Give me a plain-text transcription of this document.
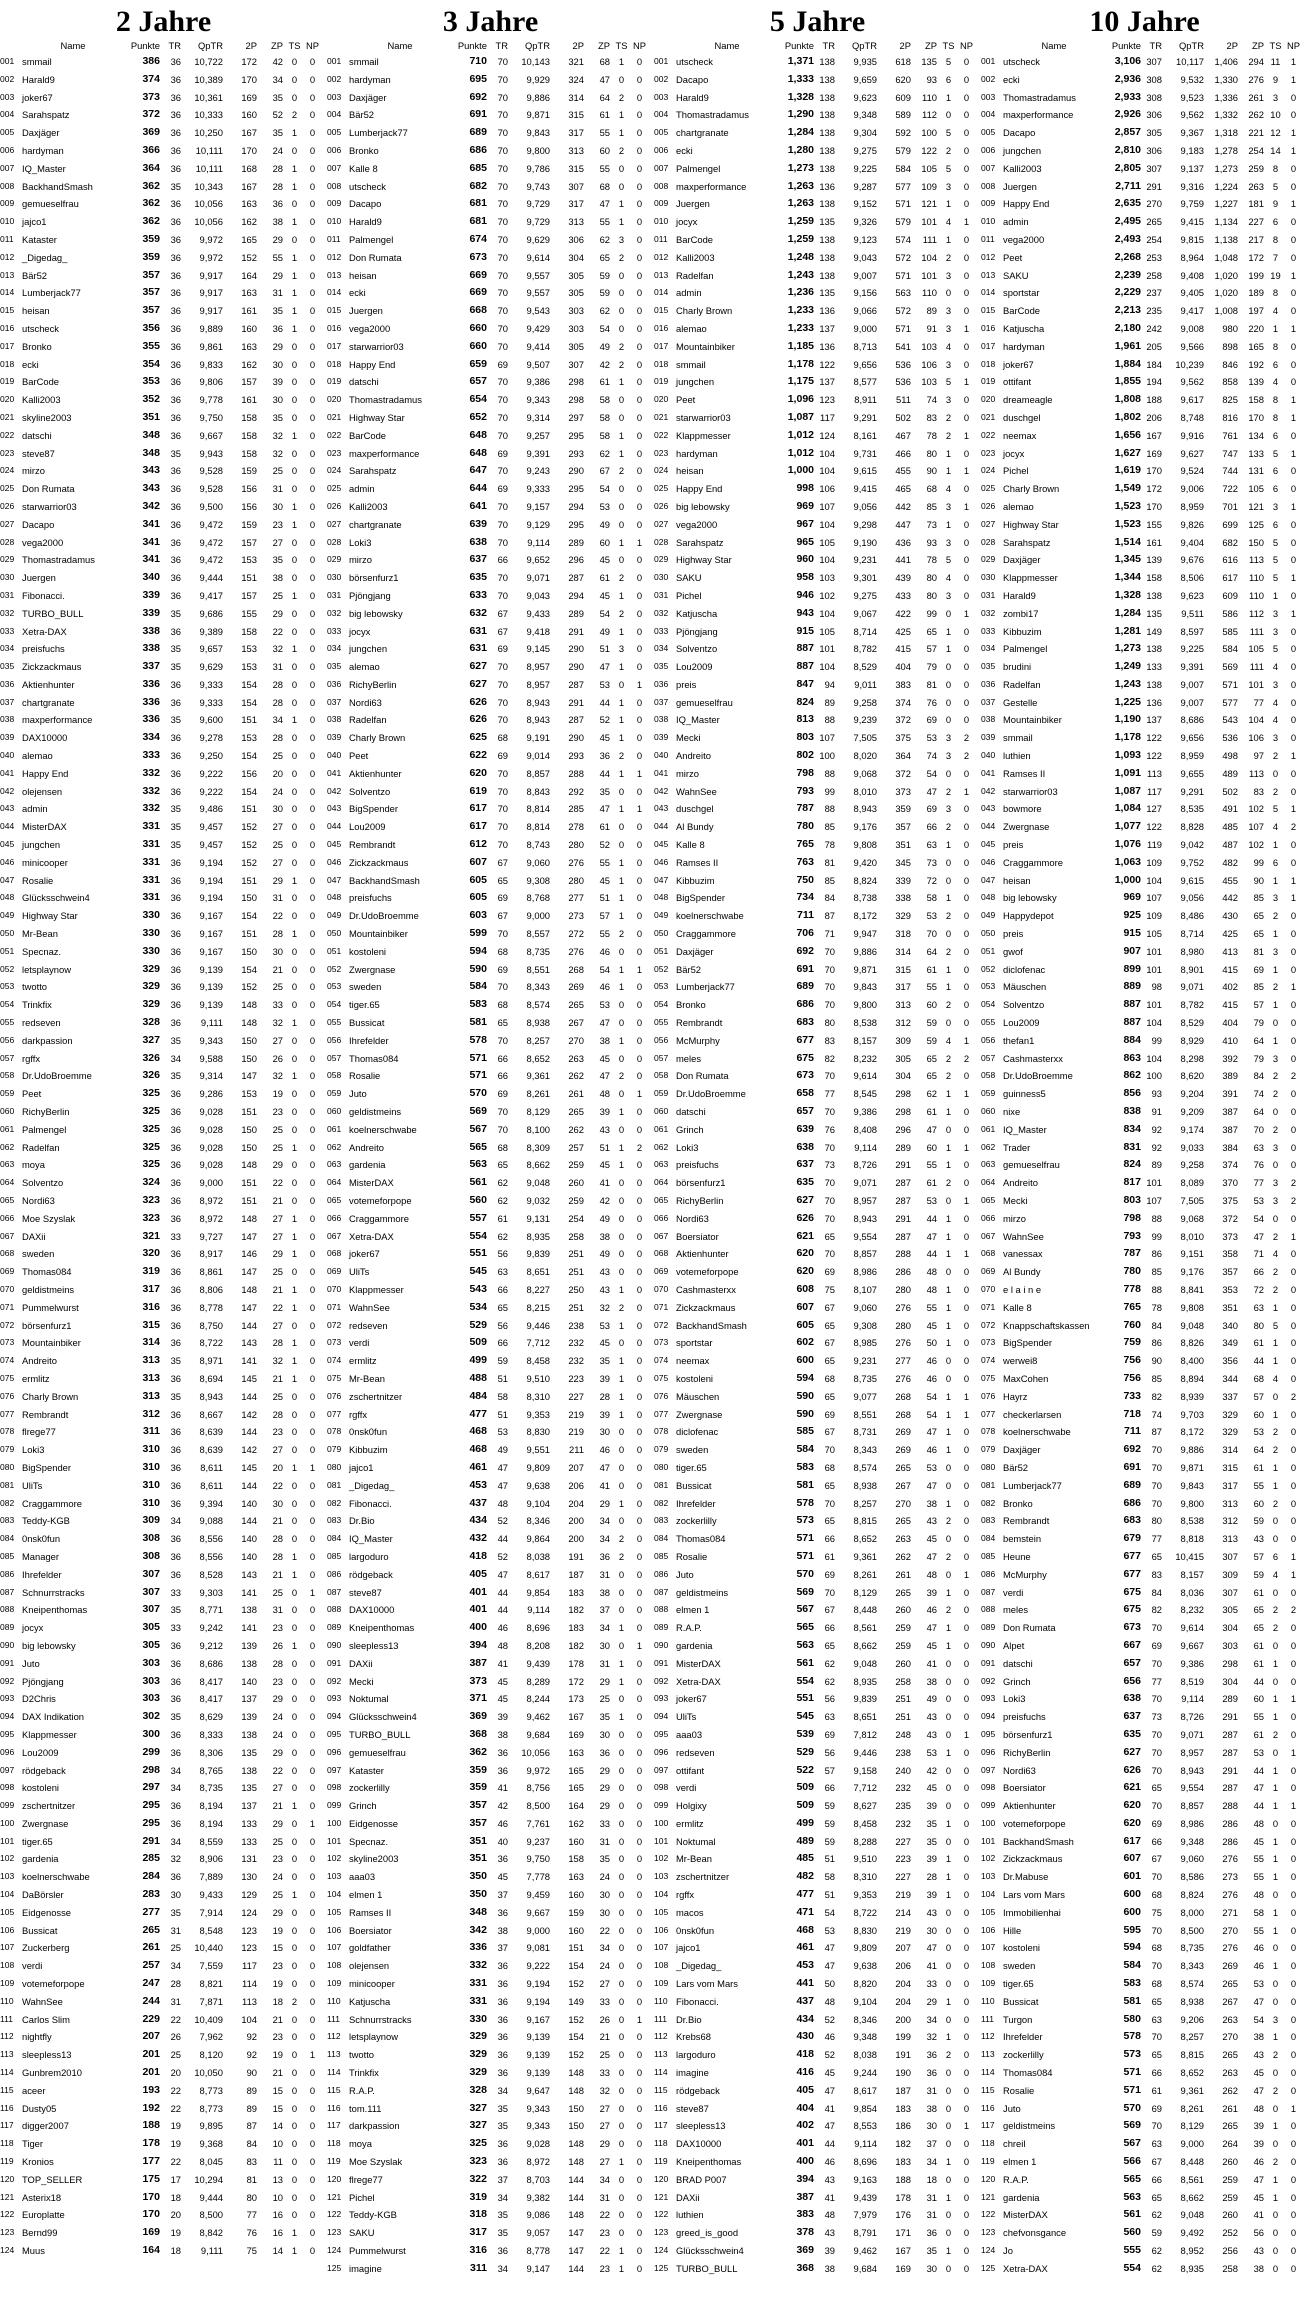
2 Jahre
	Name	Punkte	TR	QpTR	2P	ZP	TS	NP
001	smmail	386	36	10,722	172	42	0	0
002	Harald9	374	36	10,389	170	34	0	0
003	joker67	373	36	10,361	169	35	0	0
004	Sarahspatz	372	36	10,333	160	52	2	0
005	Daxjäger	369	36	10,250	167	35	1	0
006	hardyman	366	36	10,111	170	24	0	0
007	IQ_Master	364	36	10,111	168	28	1	0
008	BackhandSmash	362	35	10,343	167	28	1	0
009	gemueselfrau	362	36	10,056	163	36	0	0
010	jajco1	362	36	10,056	162	38	1	0
011	Kataster	359	36	9,972	165	29	0	0
012	_Digedag_	359	36	9,972	152	55	1	0
013	Bär52	357	36	9,917	164	29	1	0
014	Lumberjack77	357	36	9,917	163	31	1	0
015	heisan	357	36	9,917	161	35	1	0
016	utscheck	356	36	9,889	160	36	1	0
017	Bronko	355	36	9,861	163	29	0	0
018	ecki	354	36	9,833	162	30	0	0
019	BarCode	353	36	9,806	157	39	0	0
020	Kalli2003	352	36	9,778	161	30	0	0
021	skyline2003	351	36	9,750	158	35	0	0
022	datschi	348	36	9,667	158	32	1	0
023	steve87	348	35	9,943	158	32	0	0
024	mirzo	343	36	9,528	159	25	0	0
025	Don Rumata	343	36	9,528	156	31	0	0
026	starwarrior03	342	36	9,500	156	30	1	0
027	Dacapo	341	36	9,472	159	23	1	0
028	vega2000	341	36	9,472	157	27	0	0
029	Thomastradamus	341	36	9,472	153	35	0	0
030	Juergen	340	36	9,444	151	38	0	0
031	Fibonacci.	339	36	9,417	157	25	1	0
032	TURBO_BULL	339	35	9,686	155	29	0	0
033	Xetra-DAX	338	36	9,389	158	22	0	0
034	preisfuchs	338	35	9,657	153	32	1	0
035	Zickzackmaus	337	35	9,629	153	31	0	0
036	Aktienhunter	336	36	9,333	154	28	0	0
037	chartgranate	336	36	9,333	154	28	0	0
038	maxperformance	336	35	9,600	151	34	1	0
039	DAX10000	334	36	9,278	153	28	0	0
040	alemao	333	36	9,250	154	25	0	0
041	Happy End	332	36	9,222	156	20	0	0
042	olejensen	332	36	9,222	154	24	0	0
043	admin	332	35	9,486	151	30	0	0
044	MisterDAX	331	35	9,457	152	27	0	0
045	jungchen	331	35	9,457	152	25	0	0
046	minicooper	331	36	9,194	152	27	0	0
047	Rosalie	331	36	9,194	151	29	1	0
048	Glücksschwein4	331	36	9,194	150	31	0	0
049	Highway Star	330	36	9,167	154	22	0	0
050	Mr-Bean	330	36	9,167	151	28	1	0
051	Specnaz.	330	36	9,167	150	30	0	0
052	letsplaynow	329	36	9,139	154	21	0	0
053	twotto	329	36	9,139	152	25	0	0
054	Trinkfix	329	36	9,139	148	33	0	0
055	redseven	328	36	9,111	148	32	1	0
056	darkpassion	327	35	9,343	150	27	0	0
057	rgffx	326	34	9,588	150	26	0	0
058	Dr.UdoBroemme	326	35	9,314	147	32	1	0
059	Peet	325	36	9,286	153	19	0	0
060	RichyBerlin	325	36	9,028	151	23	0	0
061	Palmengel	325	36	9,028	150	25	0	0
062	Radelfan	325	36	9,028	150	25	1	0
063	moya	325	36	9,028	148	29	0	0
064	Solventzo	324	36	9,000	151	22	0	0
065	Nordi63	323	36	8,972	151	21	0	0
066	Moe Szyslak	323	36	8,972	148	27	1	0
067	DAXii	321	33	9,727	147	27	1	0
068	sweden	320	36	8,917	146	29	1	0
069	Thomas084	319	36	8,861	147	25	0	0
070	geldistmeins	317	36	8,806	148	21	1	0
071	Pummelwurst	316	36	8,778	147	22	1	0
072	börsenfurz1	315	36	8,750	144	27	0	0
073	Mountainbiker	314	36	8,722	143	28	1	0
074	Andreito	313	35	8,971	141	32	1	0
075	ermlitz	313	36	8,694	145	21	1	0
076	Charly Brown	313	35	8,943	144	25	0	0
077	Rembrandt	312	36	8,667	142	28	0	0
078	flrege77	311	36	8,639	144	23	0	0
079	Loki3	310	36	8,639	142	27	0	0
080	BigSpender	310	36	8,611	145	20	1	1
081	UliTs	310	36	8,611	144	22	0	0
082	Craggammore	310	36	9,394	140	30	0	0
083	Teddy-KGB	309	34	9,088	144	21	0	0
084	0nsk0fun	308	36	8,556	140	28	0	0
085	Manager	308	36	8,556	140	28	1	0
086	Ihrefelder	307	36	8,528	143	21	1	0
087	Schnurrstracks	307	33	9,303	141	25	0	1
088	Kneipenthomas	307	35	8,771	138	31	0	0
089	jocyx	305	33	9,242	141	23	0	0
090	big lebowsky	305	36	9,212	139	26	1	0
091	Juto	303	36	8,686	138	28	0	0
092	Pjöngjang	303	36	8,417	140	23	0	0
093	D2Chris	303	36	8,417	137	29	0	0
094	DAX Indikation	302	35	8,629	139	24	0	0
095	Klappmesser	300	36	8,333	138	24	0	0
096	Lou2009	299	36	8,306	135	29	0	0
097	rödgeback	298	34	8,765	138	22	0	0
098	kostoleni	297	34	8,735	135	27	0	0
099	zschertnitzer	295	36	8,194	137	21	1	0
100	Zwergnase	295	36	8,194	133	29	0	1
101	tiger.65	291	34	8,559	133	25	0	0
102	gardenia	285	32	8,906	131	23	0	0
103	koelnerschwabe	284	36	7,889	130	24	0	0
104	DaBörsler	283	30	9,433	129	25	1	0
105	Eidgenosse	277	35	7,914	124	29	0	0
106	Bussicat	265	31	8,548	123	19	0	0
107	Zuckerberg	261	25	10,440	123	15	0	0
108	verdi	257	34	7,559	117	23	0	0
109	votemeforpope	247	28	8,821	114	19	0	0
110	WahnSee	244	31	7,871	113	18	2	0
111	Carlos Slim	229	22	10,409	104	21	0	0
112	nightfly	207	26	7,962	92	23	0	0
113	sleepless13	201	25	8,120	92	19	0	1
114	Gunbrem2010	201	20	10,050	90	21	0	0
115	aceer	193	22	8,773	89	15	0	0
116	Dusty05	192	22	8,773	89	15	0	0
117	digger2007	188	19	9,895	87	14	0	0
118	Tiger	178	19	9,368	84	10	0	0
119	Kronios	177	22	8,045	83	11	0	0
120	TOP_SELLER	175	17	10,294	81	13	0	0
121	Asterix18	170	18	9,444	80	10	0	0
122	Europlatte	170	20	8,500	77	16	0	0
123	Bernd99	169	19	8,842	76	16	1	0
124	Muus	164	18	9,111	75	14	1	0
3 Jahre
	Name	Punkte	TR	QpTR	2P	ZP	TS	NP
001	smmail	710	70	10,143	321	68	1	0
002	hardyman	695	70	9,929	324	47	0	0
003	Daxjäger	692	70	9,886	314	64	2	0
004	Bär52	691	70	9,871	315	61	1	0
005	Lumberjack77	689	70	9,843	317	55	1	0
006	Bronko	686	70	9,800	313	60	2	0
007	Kalle 8	685	70	9,786	315	55	0	0
008	utscheck	682	70	9,743	307	68	0	0
009	Dacapo	681	70	9,729	317	47	1	0
010	Harald9	681	70	9,729	313	55	1	0
011	Palmengel	674	70	9,629	306	62	3	0
012	Don Rumata	673	70	9,614	304	65	2	0
013	heisan	669	70	9,557	305	59	0	0
014	ecki	669	70	9,557	305	59	0	0
015	Juergen	668	70	9,543	303	62	0	0
016	vega2000	660	70	9,429	303	54	0	0
017	starwarrior03	660	70	9,414	305	49	2	0
018	Happy End	659	69	9,507	307	42	2	0
019	datschi	657	70	9,386	298	61	1	0
020	Thomastradamus	654	70	9,343	298	58	0	0
021	Highway Star	652	70	9,314	297	58	0	0
022	BarCode	648	70	9,257	295	58	1	0
023	maxperformance	648	69	9,391	293	62	1	0
024	Sarahspatz	647	70	9,243	290	67	2	0
025	admin	644	69	9,333	295	54	0	0
026	Kalli2003	641	70	9,157	294	53	0	0
027	chartgranate	639	70	9,129	295	49	0	0
028	Loki3	638	70	9,114	289	60	1	1
029	mirzo	637	66	9,652	296	45	0	0
030	börsenfurz1	635	70	9,071	287	61	2	0
031	Pjöngjang	633	70	9,043	294	45	1	0
032	big lebowsky	632	67	9,433	289	54	2	0
033	jocyx	631	67	9,418	291	49	1	0
034	jungchen	631	69	9,145	290	51	3	0
035	alemao	627	70	8,957	290	47	1	0
036	RichyBerlin	627	70	8,957	287	53	0	1
037	Nordi63	626	70	8,943	291	44	1	0
038	Radelfan	626	70	8,943	287	52	1	0
039	Charly Brown	625	68	9,191	290	45	1	0
040	Peet	622	69	9,014	293	36	2	0
041	Aktienhunter	620	70	8,857	288	44	1	1
042	Solventzo	619	70	8,843	292	35	0	0
043	BigSpender	617	70	8,814	285	47	1	1
044	Lou2009	617	70	8,814	278	61	0	0
045	Rembrandt	612	70	8,743	280	52	0	0
046	Zickzackmaus	607	67	9,060	276	55	1	0
047	BackhandSmash	605	65	9,308	280	45	1	0
048	preisfuchs	605	69	8,768	277	51	1	0
049	Dr.UdoBroemme	603	67	9,000	273	57	1	0
050	Mountainbiker	599	70	8,557	272	55	2	0
051	kostoleni	594	68	8,735	276	46	0	0
052	Zwergnase	590	69	8,551	268	54	1	1
053	sweden	584	70	8,343	269	46	1	0
054	tiger.65	583	68	8,574	265	53	0	0
055	Bussicat	581	65	8,938	267	47	0	0
056	Ihrefelder	578	70	8,257	270	38	1	0
057	Thomas084	571	66	8,652	263	45	0	0
058	Rosalie	571	66	9,361	262	47	2	0
059	Juto	570	69	8,261	261	48	0	1
060	geldistmeins	569	70	8,129	265	39	1	0
061	koelnerschwabe	567	70	8,100	262	43	0	0
062	Andreito	565	68	8,309	257	51	1	2
063	gardenia	563	65	8,662	259	45	1	0
064	MisterDAX	561	62	9,048	260	41	0	0
065	votemeforpope	560	62	9,032	259	42	0	0
066	Craggammore	557	61	9,131	254	49	0	0
067	Xetra-DAX	554	62	8,935	258	38	0	0
068	joker67	551	56	9,839	251	49	0	0
069	UliTs	545	63	8,651	251	43	0	0
070	Klappmesser	543	66	8,227	250	43	1	0
071	WahnSee	534	65	8,215	251	32	2	0
072	redseven	529	56	9,446	238	53	1	0
073	verdi	509	66	7,712	232	45	0	0
074	ermlitz	499	59	8,458	232	35	1	0
075	Mr-Bean	488	51	9,510	223	39	1	0
076	zschertnitzer	484	58	8,310	227	28	1	0
077	rgffx	477	51	9,353	219	39	1	0
078	0nsk0fun	468	53	8,830	219	30	0	0
079	Kibbuzim	468	49	9,551	211	46	0	0
080	jajco1	461	47	9,809	207	47	0	0
081	_Digedag_	453	47	9,638	206	41	0	0
082	Fibonacci.	437	48	9,104	204	29	1	0
083	Dr.Bio	434	52	8,346	200	34	0	0
084	IQ_Master	432	44	9,864	200	34	2	0
085	largoduro	418	52	8,038	191	36	2	0
086	rödgeback	405	47	8,617	187	31	0	0
087	steve87	401	44	9,854	183	38	0	0
088	DAX10000	401	44	9,114	182	37	0	0
089	Kneipenthomas	400	46	8,696	183	34	1	0
090	sleepless13	394	48	8,208	182	30	0	1
091	DAXii	387	41	9,439	178	31	1	0
092	Mecki	373	45	8,289	172	29	1	0
093	Noktumal	371	45	8,244	173	25	0	0
094	Glücksschwein4	369	39	9,462	167	35	1	0
095	TURBO_BULL	368	38	9,684	169	30	0	0
096	gemueselfrau	362	36	10,056	163	36	0	0
097	Kataster	359	36	9,972	165	29	0	0
098	zockerlilly	359	41	8,756	165	29	0	0
099	Grinch	357	42	8,500	164	29	0	0
100	Eidgenosse	357	46	7,761	162	33	0	0
101	Specnaz.	351	40	9,237	160	31	0	0
102	skyline2003	351	36	9,750	158	35	0	0
103	aaa03	350	45	7,778	163	24	0	0
104	elmen 1	350	37	9,459	160	30	0	0
105	Ramses II	348	36	9,667	159	30	0	0
106	Boersiator	342	38	9,000	160	22	0	0
107	goldfather	336	37	9,081	151	34	0	0
108	olejensen	332	36	9,222	154	24	0	0
109	minicooper	331	36	9,194	152	27	0	0
110	Katjuscha	331	36	9,194	149	33	0	0
111	Schnurrstracks	330	36	9,167	152	26	0	1
112	letsplaynow	329	36	9,139	154	21	0	0
113	twotto	329	36	9,139	152	25	0	0
114	Trinkfix	329	36	9,139	148	33	0	0
115	R.A.P.	328	34	9,647	148	32	0	0
116	tom.111	327	35	9,343	150	27	0	0
117	darkpassion	327	35	9,343	150	27	0	0
118	moya	325	36	9,028	148	29	0	0
119	Moe Szyslak	323	36	8,972	148	27	1	0
120	flrege77	322	37	8,703	144	34	0	0
121	Pichel	319	34	9,382	144	31	0	0
122	Teddy-KGB	318	35	9,086	148	22	0	0
123	SAKU	317	35	9,057	147	23	0	0
124	Pummelwurst	316	36	8,778	147	22	1	0
125	imagine	311	34	9,147	144	23	1	0
5 Jahre
	Name	Punkte	TR	QpTR	2P	ZP	TS	NP
001	utscheck	1,371	138	9,935	618	135	5	0
002	Dacapo	1,333	138	9,659	620	93	6	0
003	Harald9	1,328	138	9,623	609	110	1	0
004	Thomastradamus	1,290	138	9,348	589	112	0	0
005	chartgranate	1,284	138	9,304	592	100	5	0
006	ecki	1,280	138	9,275	579	122	2	0
007	Palmengel	1,273	138	9,225	584	105	5	0
008	maxperformance	1,263	136	9,287	577	109	3	0
009	Juergen	1,263	138	9,152	571	121	1	0
010	jocyx	1,259	135	9,326	579	101	4	1
011	BarCode	1,259	138	9,123	574	111	1	0
012	Kalli2003	1,248	138	9,043	572	104	2	0
013	Radelfan	1,243	138	9,007	571	101	3	0
014	admin	1,236	135	9,156	563	110	0	0
015	Charly Brown	1,233	136	9,066	572	89	3	0
016	alemao	1,233	137	9,000	571	91	3	1
017	Mountainbiker	1,185	136	8,713	541	103	4	0
018	smmail	1,178	122	9,656	536	106	3	0
019	jungchen	1,175	137	8,577	536	103	5	1
020	Peet	1,096	123	8,911	511	74	3	0
021	starwarrior03	1,087	117	9,291	502	83	2	0
022	Klappmesser	1,012	124	8,161	467	78	2	1
023	hardyman	1,012	104	9,731	466	80	1	0
024	heisan	1,000	104	9,615	455	90	1	1
025	Happy End	998	106	9,415	465	68	4	0
026	big lebowsky	969	107	9,056	442	85	3	1
027	vega2000	967	104	9,298	447	73	1	0
028	Sarahspatz	965	105	9,190	436	93	3	0
029	Highway Star	960	104	9,231	441	78	5	0
030	SAKU	958	103	9,301	439	80	4	0
031	Pichel	946	102	9,275	433	80	3	0
032	Katjuscha	943	104	9,067	422	99	0	1
033	Pjöngjang	915	105	8,714	425	65	1	0
034	Solventzo	887	101	8,782	415	57	1	0
035	Lou2009	887	104	8,529	404	79	0	0
036	preis	847	94	9,011	383	81	0	0
037	gemueselfrau	824	89	9,258	374	76	0	0
038	IQ_Master	813	88	9,239	372	69	0	0
039	Mecki	803	107	7,505	375	53	3	2
040	Andreito	802	100	8,020	364	74	3	2
041	mirzo	798	88	9,068	372	54	0	0
042	WahnSee	793	99	8,010	373	47	2	1
043	duschgel	787	88	8,943	359	69	3	0
044	Al Bundy	780	85	9,176	357	66	2	0
045	Kalle 8	765	78	9,808	351	63	1	0
046	Ramses II	763	81	9,420	345	73	0	0
047	Kibbuzim	750	85	8,824	339	72	0	0
048	BigSpender	734	84	8,738	338	58	1	0
049	koelnerschwabe	711	87	8,172	329	53	2	0
050	Craggammore	706	71	9,947	318	70	0	0
051	Daxjäger	692	70	9,886	314	64	2	0
052	Bär52	691	70	9,871	315	61	1	0
053	Lumberjack77	689	70	9,843	317	55	1	0
054	Bronko	686	70	9,800	313	60	2	0
055	Rembrandt	683	80	8,538	312	59	0	0
056	McMurphy	677	83	8,157	309	59	4	1
057	meles	675	82	8,232	305	65	2	2
058	Don Rumata	673	70	9,614	304	65	2	0
059	Dr.UdoBroemme	658	77	8,545	298	62	1	1
060	datschi	657	70	9,386	298	61	1	0
061	Grinch	639	76	8,408	296	47	0	0
062	Loki3	638	70	9,114	289	60	1	1
063	preisfuchs	637	73	8,726	291	55	1	0
064	börsenfurz1	635	70	9,071	287	61	2	0
065	RichyBerlin	627	70	8,957	287	53	0	1
066	Nordi63	626	70	8,943	291	44	1	0
067	Boersiator	621	65	9,554	287	47	1	0
068	Aktienhunter	620	70	8,857	288	44	1	1
069	votemeforpope	620	69	8,986	286	48	0	0
070	Cashmasterxx	608	75	8,107	280	48	1	0
071	Zickzackmaus	607	67	9,060	276	55	1	0
072	BackhandSmash	605	65	9,308	280	45	1	0
073	sportstar	602	67	8,985	276	50	1	0
074	neemax	600	65	9,231	277	46	0	0
075	kostoleni	594	68	8,735	276	46	0	0
076	Mäuschen	590	65	9,077	268	54	1	1
077	Zwergnase	590	69	8,551	268	54	1	1
078	diclofenac	585	67	8,731	269	47	1	0
079	sweden	584	70	8,343	269	46	1	0
080	tiger.65	583	68	8,574	265	53	0	0
081	Bussicat	581	65	8,938	267	47	0	0
082	Ihrefelder	578	70	8,257	270	38	1	0
083	zockerlilly	573	65	8,815	265	43	2	0
084	Thomas084	571	66	8,652	263	45	0	0
085	Rosalie	571	61	9,361	262	47	2	0
086	Juto	570	69	8,261	261	48	0	1
087	geldistmeins	569	70	8,129	265	39	1	0
088	elmen 1	567	67	8,448	260	46	2	0
089	R.A.P.	565	66	8,561	259	47	1	0
090	gardenia	563	65	8,662	259	45	1	0
091	MisterDAX	561	62	9,048	260	41	0	0
092	Xetra-DAX	554	62	8,935	258	38	0	0
093	joker67	551	56	9,839	251	49	0	0
094	UliTs	545	63	8,651	251	43	0	0
095	aaa03	539	69	7,812	248	43	0	1
096	redseven	529	56	9,446	238	53	1	0
097	ottifant	522	57	9,158	240	42	0	0
098	verdi	509	66	7,712	232	45	0	0
099	Holgixy	509	59	8,627	235	39	0	0
100	ermlitz	499	59	8,458	232	35	1	0
101	Noktumal	489	59	8,288	227	35	0	0
102	Mr-Bean	485	51	9,510	223	39	1	0
103	zschertnitzer	482	58	8,310	227	28	1	0
104	rgffx	477	51	9,353	219	39	1	0
105	macos	471	54	8,722	214	43	0	0
106	0nsk0fun	468	53	8,830	219	30	0	0
107	jajco1	461	47	9,809	207	47	0	0
108	_Digedag_	453	47	9,638	206	41	0	0
109	Lars vom Mars	441	50	8,820	204	33	0	0
110	Fibonacci.	437	48	9,104	204	29	1	0
111	Dr.Bio	434	52	8,346	200	34	0	0
112	Krebs68	430	46	9,348	199	32	1	0
113	largoduro	418	52	8,038	191	36	2	0
114	imagine	416	45	9,244	190	36	0	0
115	rödgeback	405	47	8,617	187	31	0	0
116	steve87	404	41	9,854	183	38	0	0
117	sleepless13	402	47	8,553	186	30	0	1
118	DAX10000	401	44	9,114	182	37	0	0
119	Kneipenthomas	400	46	8,696	183	34	1	0
120	BRAD P007	394	43	9,163	188	18	0	0
121	DAXii	387	41	9,439	178	31	1	0
122	luthien	383	48	7,979	176	31	0	0
123	greed_is_good	378	43	8,791	171	36	0	0
124	Glücksschwein4	369	39	9,462	167	35	1	0
125	TURBO_BULL	368	38	9,684	169	30	0	0
10 Jahre
	Name	Punkte	TR	QpTR	2P	ZP	TS	NP
001	utscheck	3,106	307	10,117	1,406	294	11	1
002	ecki	2,936	308	9,532	1,330	276	9	1
003	Thomastradamus	2,933	308	9,523	1,336	261	3	0
004	maxperformance	2,926	306	9,562	1,332	262	10	0
005	Dacapo	2,857	305	9,367	1,318	221	12	1
006	jungchen	2,810	306	9,183	1,278	254	14	1
007	Kalli2003	2,805	307	9,137	1,273	259	8	0
008	Juergen	2,711	291	9,316	1,224	263	5	0
009	Happy End	2,635	270	9,759	1,227	181	9	1
010	admin	2,495	265	9,415	1,134	227	6	0
011	vega2000	2,493	254	9,815	1,138	217	8	0
012	Peet	2,268	253	8,964	1,048	172	7	0
013	SAKU	2,239	258	9,408	1,020	199	19	1
014	sportstar	2,229	237	9,405	1,020	189	8	0
015	BarCode	2,213	235	9,417	1,008	197	4	0
016	Katjuscha	2,180	242	9,008	980	220	1	1
017	hardyman	1,961	205	9,566	898	165	8	0
018	joker67	1,884	184	10,239	846	192	6	0
019	ottifant	1,855	194	9,562	858	139	4	0
020	dreameagle	1,808	188	9,617	825	158	8	1
021	duschgel	1,802	206	8,748	816	170	8	1
022	neemax	1,656	167	9,916	761	134	6	0
023	jocyx	1,627	169	9,627	747	133	5	1
024	Pichel	1,619	170	9,524	744	131	6	0
025	Charly Brown	1,549	172	9,006	722	105	6	0
026	alemao	1,523	170	8,959	701	121	3	1
027	Highway Star	1,523	155	9,826	699	125	6	0
028	Sarahspatz	1,514	161	9,404	682	150	5	0
029	Daxjäger	1,345	139	9,676	616	113	5	0
030	Klappmesser	1,344	158	8,506	617	110	5	1
031	Harald9	1,328	138	9,623	609	110	1	0
032	zombi17	1,284	135	9,511	586	112	3	1
033	Kibbuzim	1,281	149	8,597	585	111	3	0
034	Palmengel	1,273	138	9,225	584	105	5	0
035	brudini	1,249	133	9,391	569	111	4	0
036	Radelfan	1,243	138	9,007	571	101	3	0
037	Gestelle	1,225	136	9,007	577	77	4	0
038	Mountainbiker	1,190	137	8,686	543	104	4	0
039	smmail	1,178	122	9,656	536	106	3	0
040	luthien	1,093	122	8,959	498	97	2	1
041	Ramses II	1,091	113	9,655	489	113	0	0
042	starwarrior03	1,087	117	9,291	502	83	2	0
043	bowmore	1,084	127	8,535	491	102	5	1
044	Zwergnase	1,077	122	8,828	485	107	4	2
045	preis	1,076	119	9,042	487	102	1	0
046	Craggammore	1,063	109	9,752	482	99	6	0
047	heisan	1,000	104	9,615	455	90	1	1
048	big lebowsky	969	107	9,056	442	85	3	1
049	Happydepot	925	109	8,486	430	65	2	0
050	preis	915	105	8,714	425	65	1	0
051	gwof	907	101	8,980	413	81	3	0
052	diclofenac	899	101	8,901	415	69	1	0
053	Mäuschen	889	98	9,071	402	85	2	1
054	Solventzo	887	101	8,782	415	57	1	0
055	Lou2009	887	104	8,529	404	79	0	0
056	thefan1	884	99	8,929	410	64	1	0
057	Cashmasterxx	863	104	8,298	392	79	3	0
058	Dr.UdoBroemme	862	100	8,620	389	84	2	2
059	guinness5	856	93	9,204	391	74	2	0
060	nixe	838	91	9,209	387	64	0	0
061	IQ_Master	834	92	9,174	387	70	2	0
062	Trader	831	92	9,033	384	63	3	0
063	gemueselfrau	824	89	9,258	374	76	0	0
064	Andreito	817	101	8,089	370	77	3	2
065	Mecki	803	107	7,505	375	53	3	2
066	mirzo	798	88	9,068	372	54	0	0
067	WahnSee	793	99	8,010	373	47	2	1
068	vanessax	787	86	9,151	358	71	4	0
069	Al Bundy	780	85	9,176	357	66	2	0
070	e l a i n e	778	88	8,841	353	72	2	0
071	Kalle 8	765	78	9,808	351	63	1	0
072	Knappschaftskassen	760	84	9,048	340	80	5	0
073	BigSpender	759	86	8,826	349	61	1	0
074	werwei8	756	90	8,400	356	44	1	0
075	MaxCohen	756	85	8,894	344	68	4	0
076	Hayrz	733	82	8,939	337	57	0	2
077	checkerlarsen	718	74	9,703	329	60	1	0
078	koelnerschwabe	711	87	8,172	329	53	2	0
079	Daxjäger	692	70	9,886	314	64	2	0
080	Bär52	691	70	9,871	315	61	1	0
081	Lumberjack77	689	70	9,843	317	55	1	0
082	Bronko	686	70	9,800	313	60	2	0
083	Rembrandt	683	80	8,538	312	59	0	0
084	bemstein	679	77	8,818	313	43	0	0
085	Heune	677	65	10,415	307	57	6	1
086	McMurphy	677	83	8,157	309	59	4	1
087	verdi	675	84	8,036	307	61	0	0
088	meles	675	82	8,232	305	65	2	2
089	Don Rumata	673	70	9,614	304	65	2	0
090	Alpet	667	69	9,667	303	61	0	0
091	datschi	657	70	9,386	298	61	1	0
092	Grinch	656	77	8,519	304	44	0	0
093	Loki3	638	70	9,114	289	60	1	1
094	preisfuchs	637	73	8,726	291	55	1	0
095	börsenfurz1	635	70	9,071	287	61	2	0
096	RichyBerlin	627	70	8,957	287	53	0	1
097	Nordi63	626	70	8,943	291	44	1	0
098	Boersiator	621	65	9,554	287	47	1	0
099	Aktienhunter	620	70	8,857	288	44	1	1
100	votemeforpope	620	69	8,986	286	48	0	0
101	BackhandSmash	617	66	9,348	286	45	1	0
102	Zickzackmaus	607	67	9,060	276	55	1	0
103	Dr.Mabuse	601	70	8,586	273	55	1	0
104	Lars vom Mars	600	68	8,824	276	48	0	0
105	Immobilienhai	600	75	8,000	271	58	1	0
106	Hille	595	70	8,500	270	55	1	0
107	kostoleni	594	68	8,735	276	46	0	0
108	sweden	584	70	8,343	269	46	1	0
109	tiger.65	583	68	8,574	265	53	0	0
110	Bussicat	581	65	8,938	267	47	0	0
111	Turgon	580	63	9,206	263	54	3	0
112	Ihrefelder	578	70	8,257	270	38	1	0
113	zockerlilly	573	65	8,815	265	43	2	0
114	Thomas084	571	66	8,652	263	45	0	0
115	Rosalie	571	61	9,361	262	47	2	0
116	Juto	570	69	8,261	261	48	0	1
117	geldistmeins	569	70	8,129	265	39	1	0
118	chreil	567	63	9,000	264	39	0	0
119	elmen 1	566	67	8,448	260	46	2	0
120	R.A.P.	565	66	8,561	259	47	1	0
121	gardenia	563	65	8,662	259	45	1	0
122	MisterDAX	561	62	9,048	260	41	0	0
123	chefvonsgance	560	59	9,492	252	56	0	0
124	Jo	555	62	8,952	256	43	0	0
125	Xetra-DAX	554	62	8,935	258	38	0	0
